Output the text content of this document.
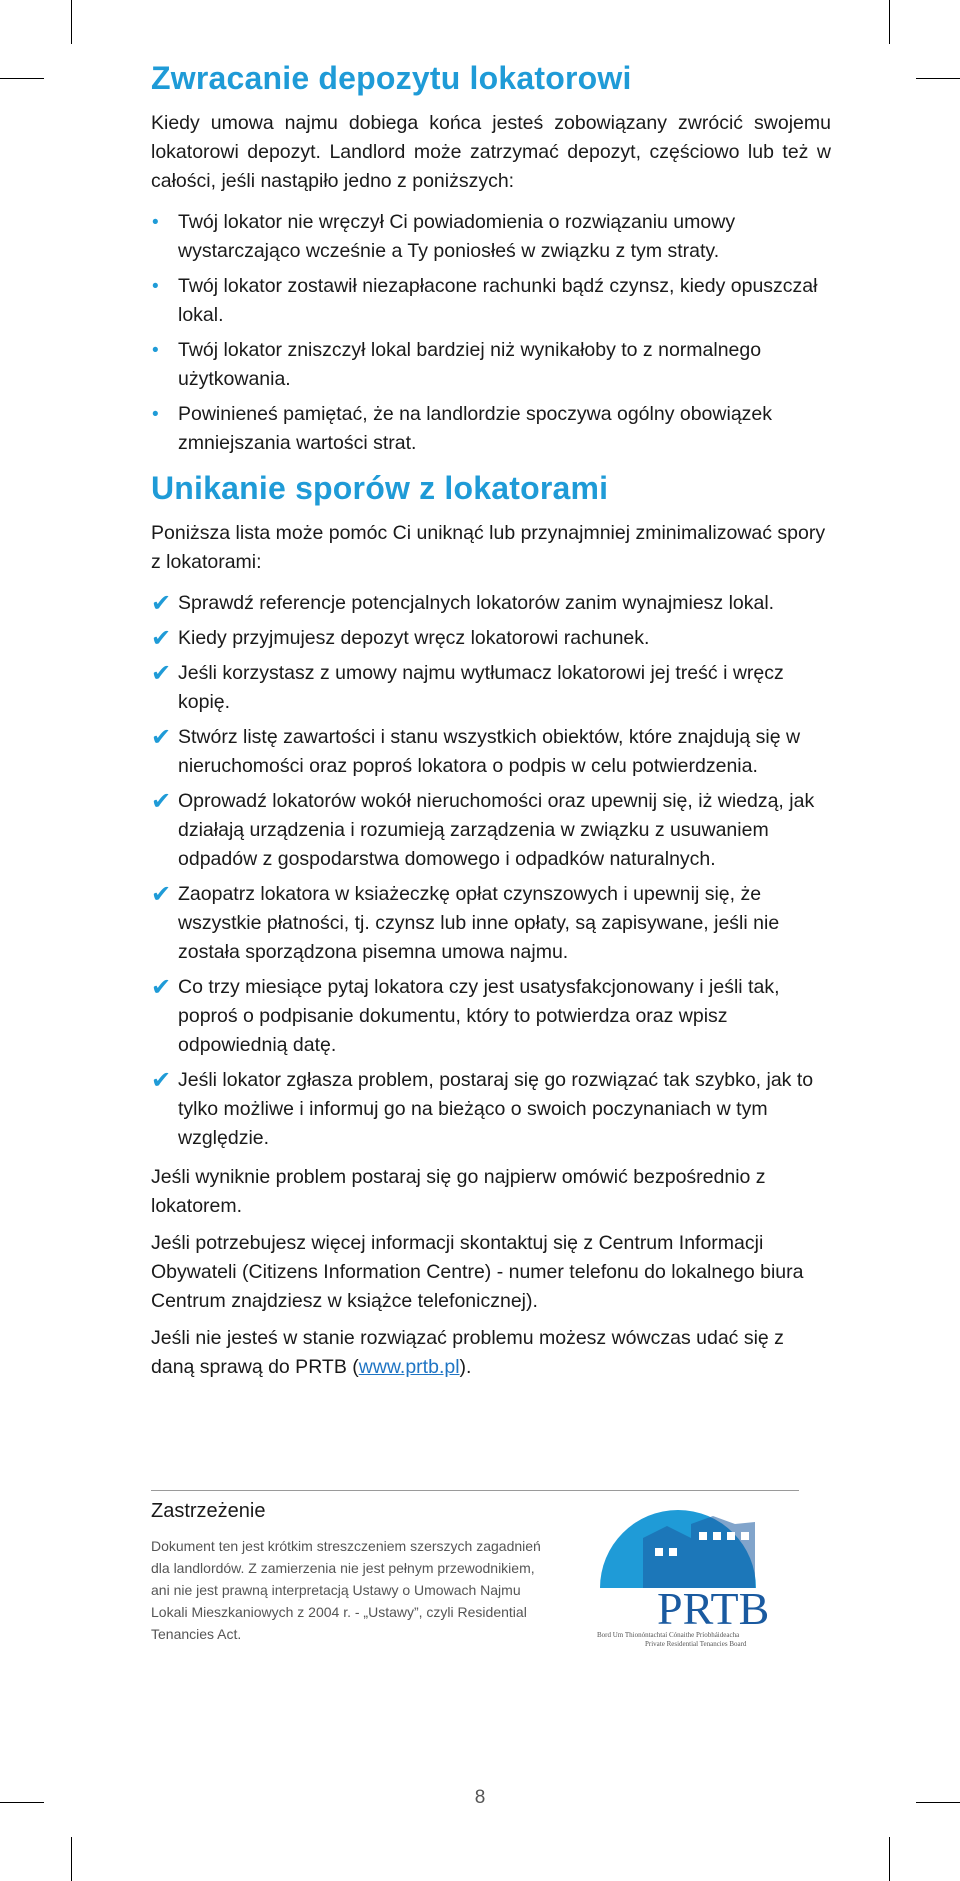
Zwracanie depozytu lokatorowi

Kiedy umowa najmu dobiega końca jesteś zobowiązany zwrócić swojemu lokatorowi depozyt. Landlord może zatrzymać depozyt, częściowo lub też w całości, jeśli nastąpiło jedno z poniższych:

• Twój lokator nie wręczył Ci powiadomienia o rozwiązaniu umowy wystarczająco wcześnie a Ty poniosłeś w związku z tym straty.
• Twój lokator zostawił niezapłacone rachunki bądź czynsz, kiedy opuszczał lokal.
• Twój lokator zniszczył lokal bardziej niż wynikałoby to z normalnego użytkowania.
• Powinieneś pamiętać, że na landlordzie spoczywa ogólny obowiązek zmniejszania wartości strat.
Unikanie sporów z lokatorami

Poniższa lista może pomóc Ci uniknąć lub przynajmniej zminimalizować spory z lokatorami:

✔ Sprawdź referencje potencjalnych lokatorów zanim wynajmiesz lokal.
✔ Kiedy przyjmujesz depozyt wręcz lokatorowi rachunek.
✔ Jeśli korzystasz z umowy najmu wytłumacz lokatorowi jej treść i wręcz kopię.
✔ Stwórz listę zawartości i stanu wszystkich obiektów, które znajdują się w nieruchomości oraz poproś lokatora o podpis w celu potwierdzenia.
✔ Oprowadź lokatorów wokół nieruchomości oraz upewnij się, iż wiedzą, jak działają urządzenia i rozumieją zarządzenia w związku z usuwaniem odpadów z gospodarstwa domowego i odpadków naturalnych.
✔ Zaopatrz lokatora w ksiażeczkę opłat czynszowych i upewnij się, że wszystkie płatności, tj. czynsz lub inne opłaty, są zapisywane, jeśli nie została sporządzona pisemna umowa najmu.
✔ Co trzy miesiące pytaj lokatora czy jest usatysfakcjonowany i jeśli tak, poproś o podpisanie dokumentu, który to potwierdza oraz wpisz odpowiednią datę.
✔ Jeśli lokator zgłasza problem, postaraj się go rozwiązać tak szybko, jak to tylko możliwe i informuj go na bieżąco o swoich poczynaniach w tym względzie.

Jeśli wyniknie problem postaraj się go najpierw omówić bezpośrednio z lokatorem.

Jeśli potrzebujesz więcej informacji skontaktuj się z Centrum Informacji Obywateli (Citizens Information Centre) - numer telefonu do lokalnego biura Centrum znajdziesz w książce telefonicznej).

Jeśli nie jesteś w stanie rozwiązać problemu możesz wówczas udać się z daną sprawą do PRTB (www.prtb.pl).

Zastrzeżenie
Dokument ten jest krótkim streszczeniem szerszych zagadnień dla landlordów. Z zamierzenia nie jest pełnym przewodnikiem, ani nie jest prawną interpretacją Ustawy o Umowach Najmu Lokali Mieszkaniowych z 2004 r. - „Ustawy”, czyli Residential Tenancies Act.	PRTB
Bord Um Thionóntachtaí Cónaithe Príobháideacha
Private Residential Tenancies Board
8
